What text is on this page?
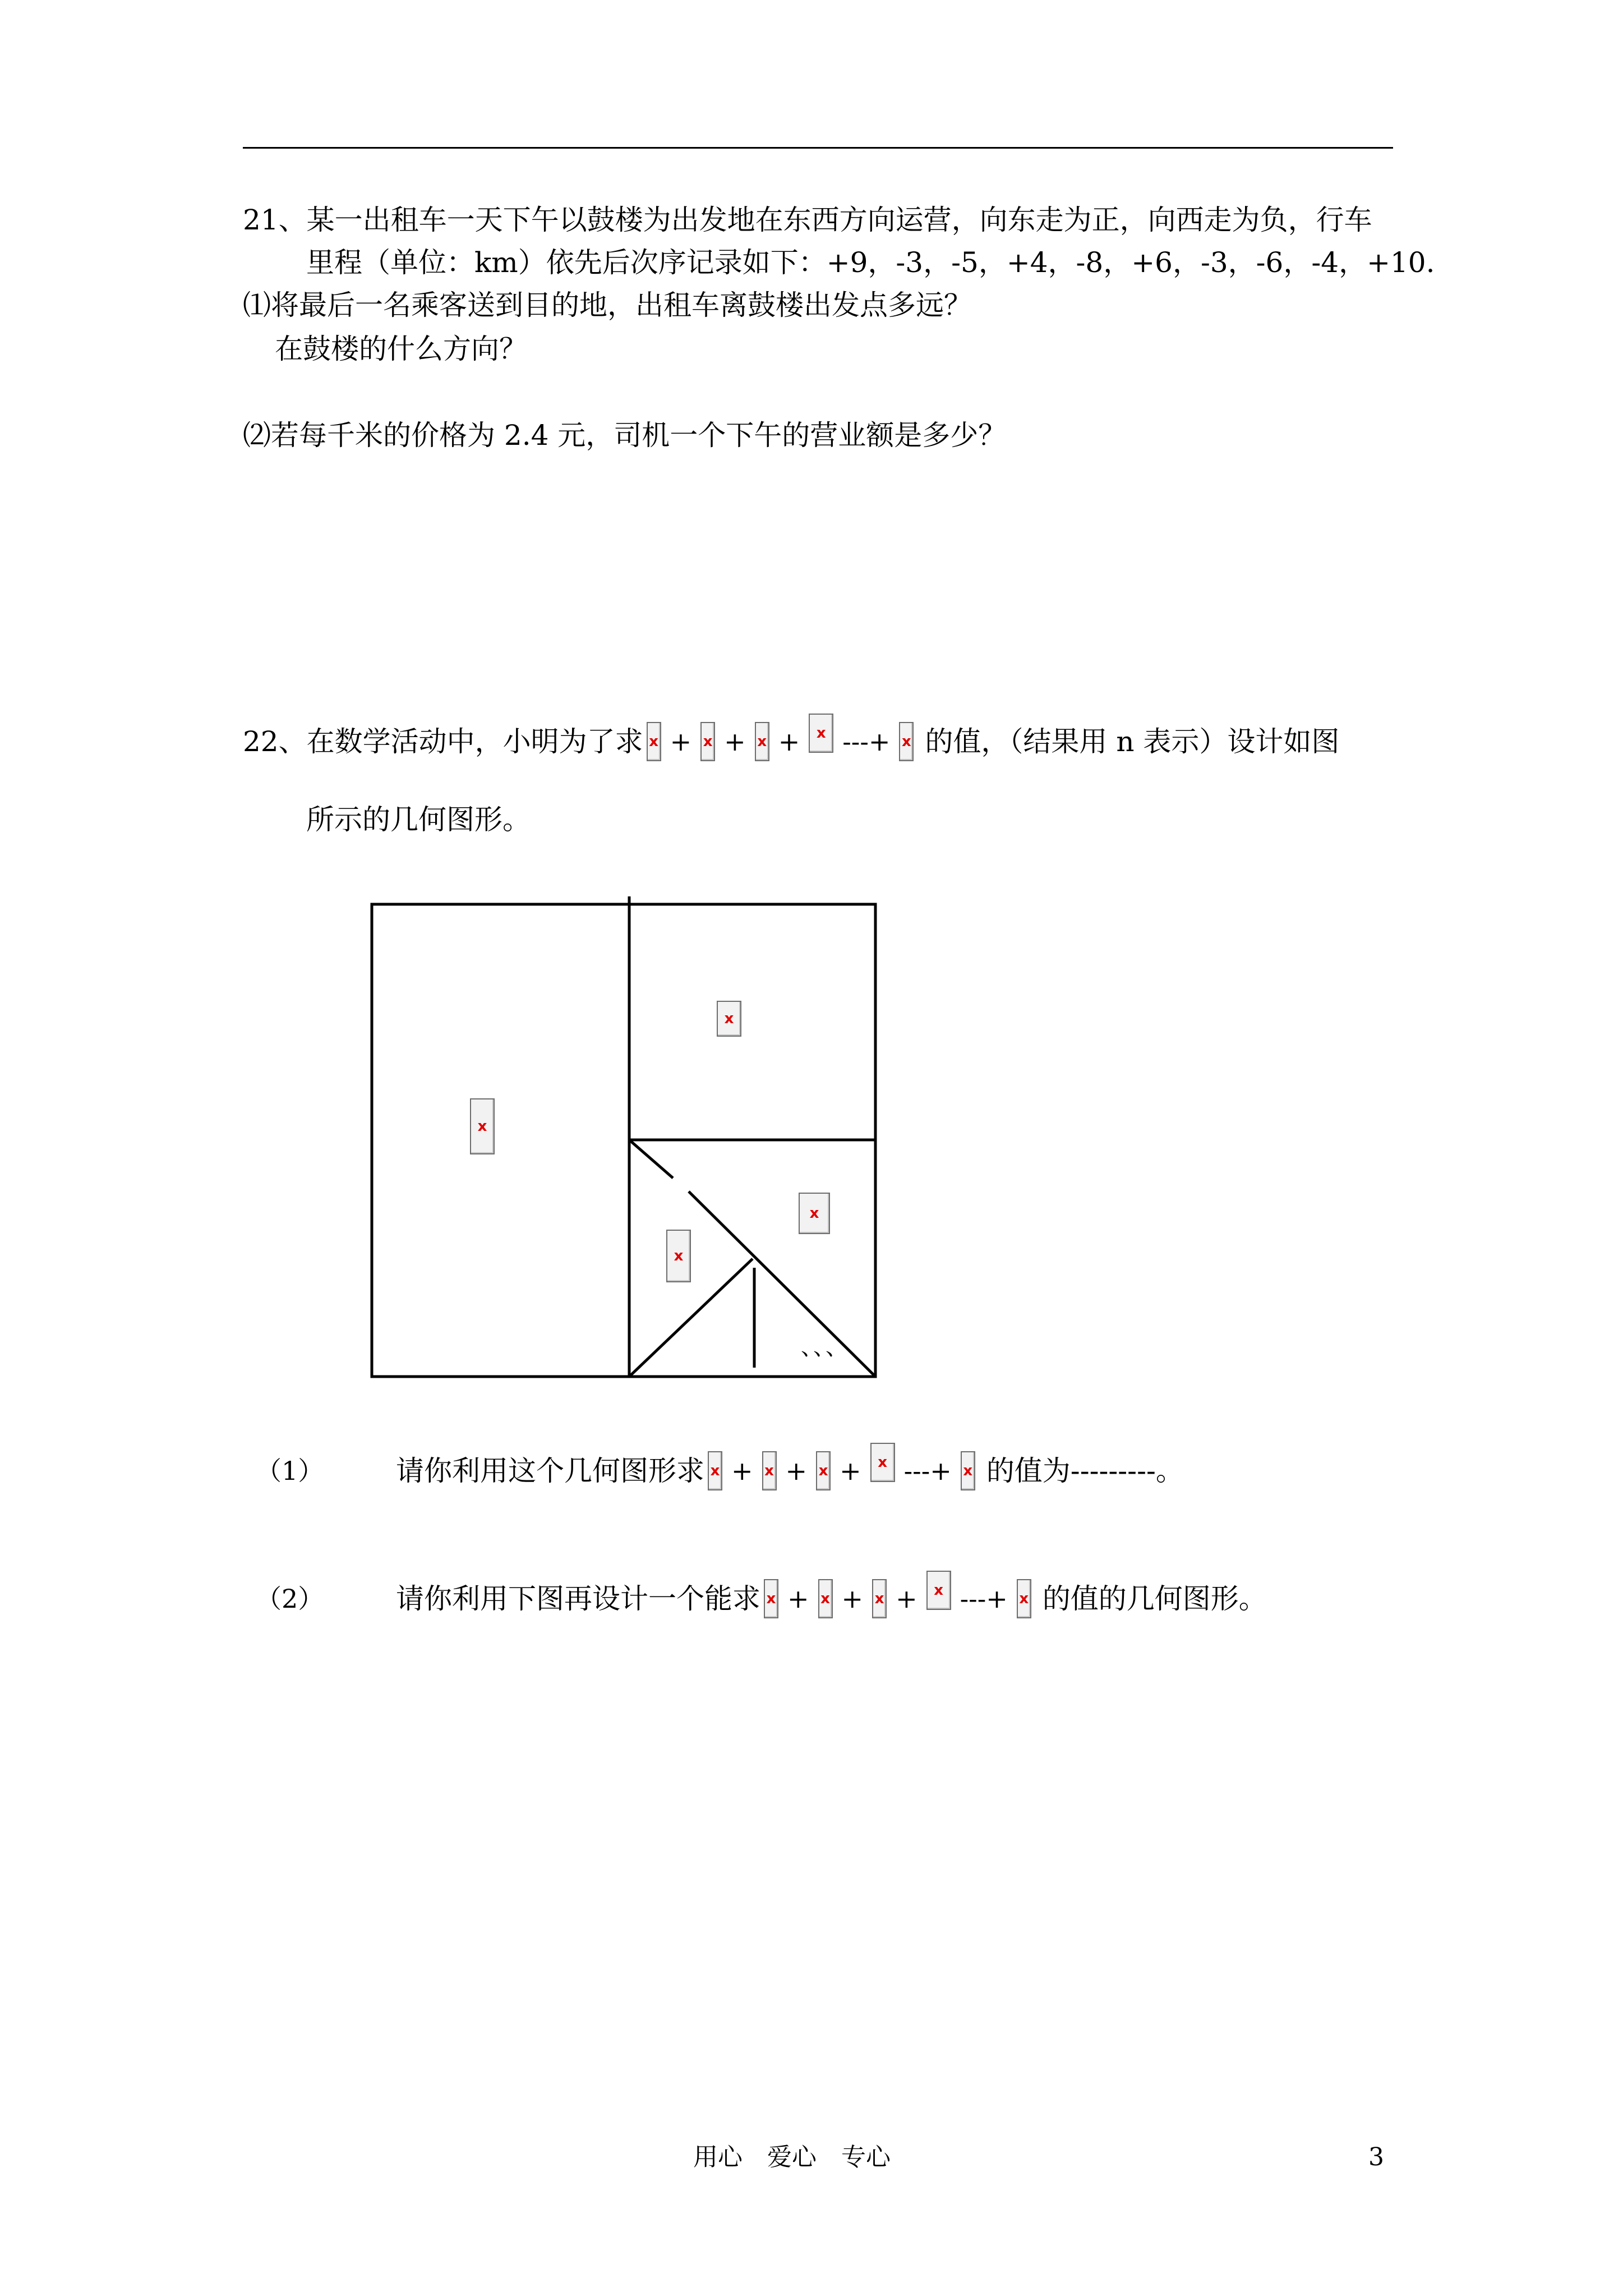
21、某一出租车一天下午以鼓楼为出发地在东西方向运营，向东走为正，向西走为负，行车
里程（单位：km）依先后次序记录如下：+9，-3，-5，+4，-8，+6，-3，-6，-4，+10.
⑴将最后一名乘客送到目的地，出租车离鼓楼出发点多远？
在鼓楼的什么方向？
⑵若每千米的价格为 2.4 元，司机一个下午的营业额是多少？
22、在数学活动中，小明为了求 x + x + x +	x ---+ x 的值，（结果用 n 表示）设计如图
所示的几何图形。
x
x
x
x
、、、
（1）	请你利用这个几何图形求 x + x + x +	x ---+ x 的值为---------。
（2）	请你利用下图再设计一个能求 x + x + x +	x ---+ x 的值的几何图形。
用心　爱心　专心	3
